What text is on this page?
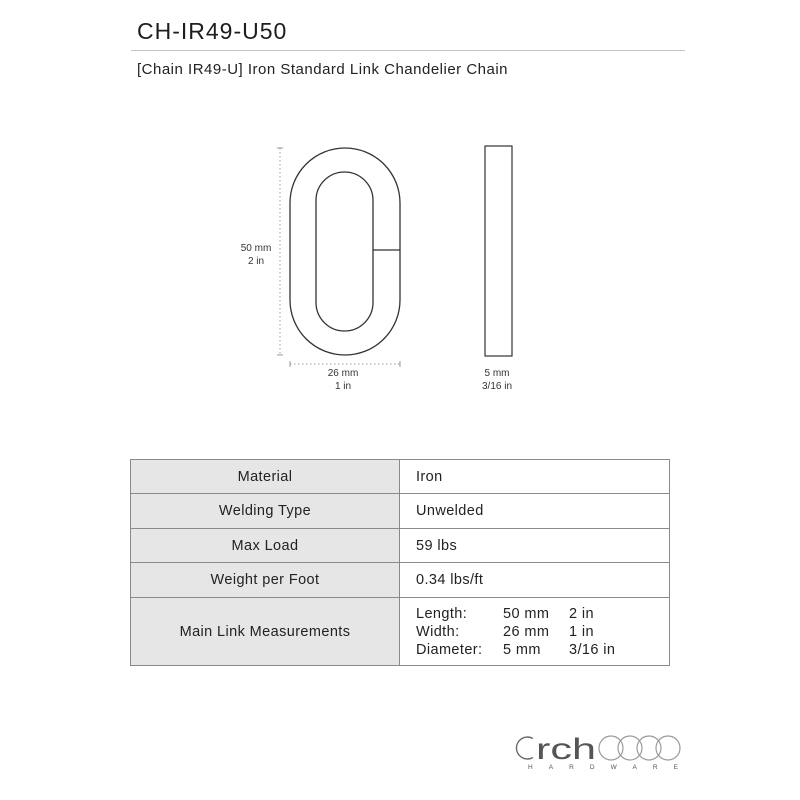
CH-IR49-U50
[Chain IR49-U] Iron Standard Link Chandelier Chain
50 mm
2 in
26 mm
1 in
5 mm
3/16 in
Material	Iron
Welding Type	Unwelded
Max Load	59 lbs
Weight per Foot	0.34 lbs/ft
Main Link Measurements
Length:	50 mm	2 in
Width:	26 mm	1 in
Diameter:	5 mm	3/16 in
rch
HARDWARE
